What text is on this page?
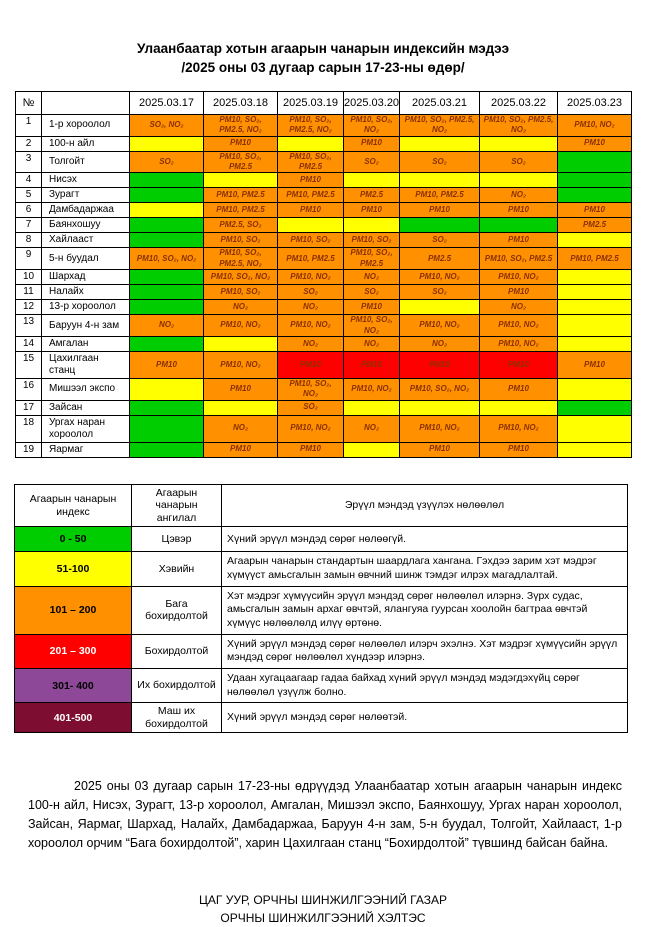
Улаанбаатар хотын агаарын чанарын индексийн мэдээ
/2025 оны 03 дугаар сарын 17-23-ны өдөр/
№		2025.03.17	2025.03.18	2025.03.19	2025.03.20	2025.03.21	2025.03.22	2025.03.23
1	1-р хороолол	SO₂, NO₂	PM10, SO₂, PM2.5, NO₂	PM10, SO₂, PM2.5, NO₂	PM10, SO₂, NO₂	PM10, SO₂, PM2.5, NO₂	PM10, SO₂, PM2.5, NO₂	PM10, NO₂
2	100-н айл		PM10		PM10			PM10
3	Толгойт	SO₂	PM10, SO₂, PM2.5	PM10, SO₂, PM2.5	SO₂	SO₂	SO₂	
4	Нисэх			PM10				
5	Зурагт		PM10, PM2.5	PM10, PM2.5	PM2.5	PM10, PM2.5	NO₂	
6	Дамбадаржаа		PM10, PM2.5	PM10	PM10	PM10	PM10	PM10
7	Баянхошуу		PM2.5, SO₂					PM2.5
8	Хайлааст		PM10, SO₂	PM10, SO₂	PM10, SO₂	SO₂	PM10	
9	5-н буудал	PM10, SO₂, NO₂	PM10, SO₂, PM2.5, NO₂	PM10, PM2.5	PM10, SO₂, PM2.5	PM2.5	PM10, SO₂, PM2.5	PM10, PM2.5
10	Шархад		PM10, SO₂, NO₂	PM10, NO₂	NO₂	PM10, NO₂	PM10, NO₂	
11	Налайх		PM10, SO₂	SO₂	SO₂	SO₂	PM10	
12	13-р хороолол		NO₂	NO₂	PM10		NO₂	
13	Баруун 4-н зам	NO₂	PM10, NO₂	PM10, NO₂	PM10, SO₂, NO₂	PM10, NO₂	PM10, NO₂	
14	Амгалан			NO₂	NO₂	NO₂	PM10, NO₂	
15	Цахилгаан станц	PM10	PM10, NO₂	PM10	PM10	PM10	PM10	PM10
16	Мишээл экспо		PM10	PM10, SO₂, NO₂	PM10, NO₂	PM10, SO₂, NO₂	PM10	
17	Зайсан			SO₂				
18	Ургах наран хороолол		NO₂	PM10, NO₂	NO₂	PM10, NO₂	PM10, NO₂	
19	Яармаг		PM10	PM10		PM10	PM10	
Агаарын чанарын индекс	Агаарын чанарын ангилал	Эрүүл мэндэд үзүүлэх нөлөөлөл
0 - 50	Цэвэр	Хүний эрүүл мэндэд сөрөг нөлөөгүй.
51-100	Хэвийн	Агаарын чанарын стандартын шаардлага хангана. Гэхдээ зарим хэт мэдрэг хүмүүст амьсгалын замын өвчний шинж тэмдэг илрэх магадлалтай.
101 – 200	Бага бохирдолтой	Хэт мэдрэг хүмүүсийн эрүүл мэндэд сөрөг нөлөөлөл илэрнэ. Зүрх судас, амьсгалын замын архаг өвчтэй, ялангуяа гуурсан хоолойн багтраа өвчтэй хүмүүс нөлөөлөлд илүү өртөнө.
201 – 300	Бохирдолтой	Хүний эрүүл мэндэд сөрөг нөлөөлөл илэрч эхэлнэ. Хэт мэдрэг хүмүүсийн эрүүл мэндэд сөрөг нөлөөлөл хүндээр илэрнэ.
301- 400	Их бохирдолтой	Удаан хугацаагаар гадаа байхад хүний эрүүл мэндэд мэдэгдэхүйц сөрөг нөлөөлөл үзүүлж болно.
401-500	Маш их бохирдолтой	Хүний эрүүл мэндэд сөрөг нөлөөтэй.

2025 оны 03 дугаар сарын 17-23-ны өдрүүдэд Улаанбаатар хотын агаарын чанарын индекс 100-н айл, Нисэх, Зурагт, 13-р хороолол, Амгалан, Мишээл экспо, Баянхошуу, Ургах наран хороолол, Зайсан, Яармаг, Шархад, Налайх, Дамбадаржаа, Баруун 4-н зам, 5-н буудал, Толгойт, Хайлааст, 1-р хороолол орчим “Бага бохирдолтой”, харин Цахилгаан станц “Бохирдолтой” түвшинд байсан байна.

ЦАГ УУР, ОРЧНЫ ШИНЖИЛГЭЭНИЙ ГАЗАР
ОРЧНЫ ШИНЖИЛГЭЭНИЙ ХЭЛТЭС
